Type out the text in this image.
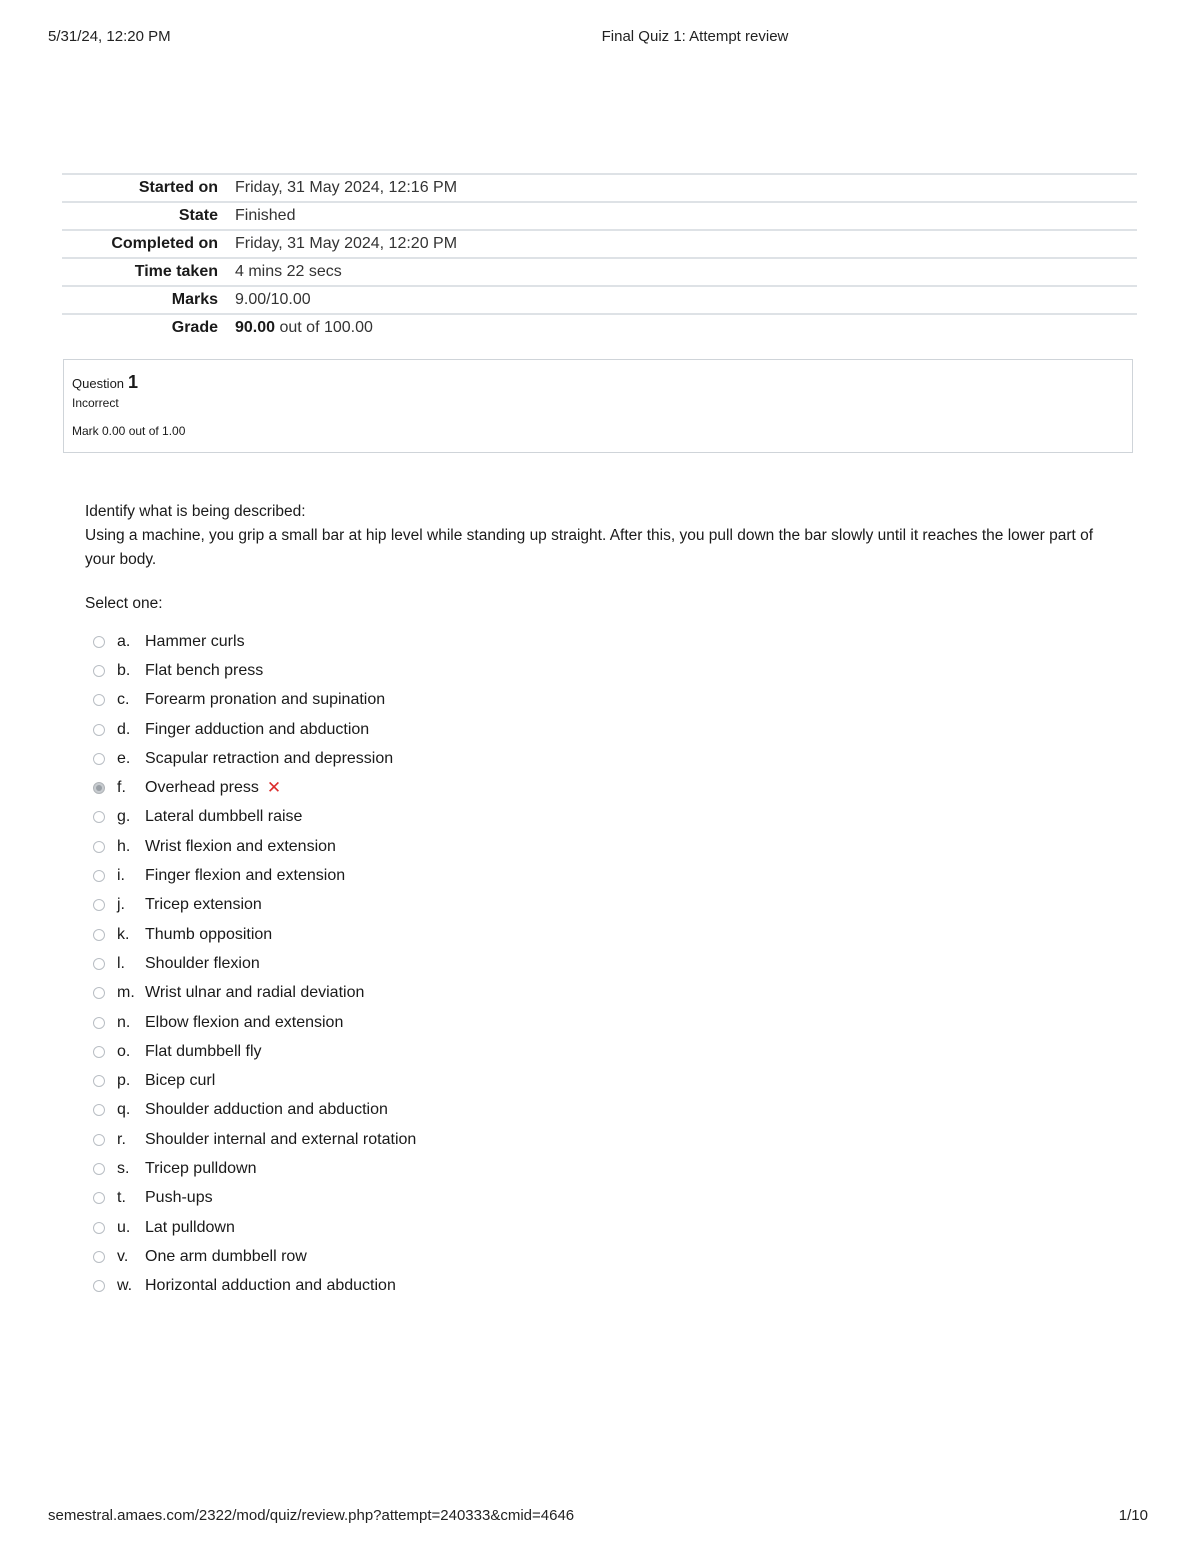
5/31/24, 12:20 PM	Final Quiz 1: Attempt review
Started on	Friday, 31 May 2024, 12:16 PM
State	Finished
Completed on	Friday, 31 May 2024, 12:20 PM
Time taken	4 mins 22 secs
Marks	9.00/10.00
Grade	90.00 out of 100.00
Question 1
Incorrect
Mark 0.00 out of 1.00

Identify what is being described:

Using a machine, you grip a small bar at hip level while standing up straight. After this, you pull down the bar slowly until it reaches the lower part of your body.

Select one:
a. Hammer curls
b. Flat bench press
c. Forearm pronation and supination
d. Finger adduction and abduction
e. Scapular retraction and depression
f.	Overhead press ✕
g. Lateral dumbbell raise
h. Wrist flexion and extension
i.	Finger flexion and extension
j.	Tricep extension
k. Thumb opposition
l.	Shoulder flexion
m. Wrist ulnar and radial deviation
n. Elbow flexion and extension
o. Flat dumbbell fly
p. Bicep curl
q. Shoulder adduction and abduction
r.	Shoulder internal and external rotation
s. Tricep pulldown
t.	Push-ups
u. Lat pulldown
v.	One arm dumbbell row
w. Horizontal adduction and abduction
semestral.amaes.com/2322/mod/quiz/review.php?attempt=240333&cmid=4646	1/10
